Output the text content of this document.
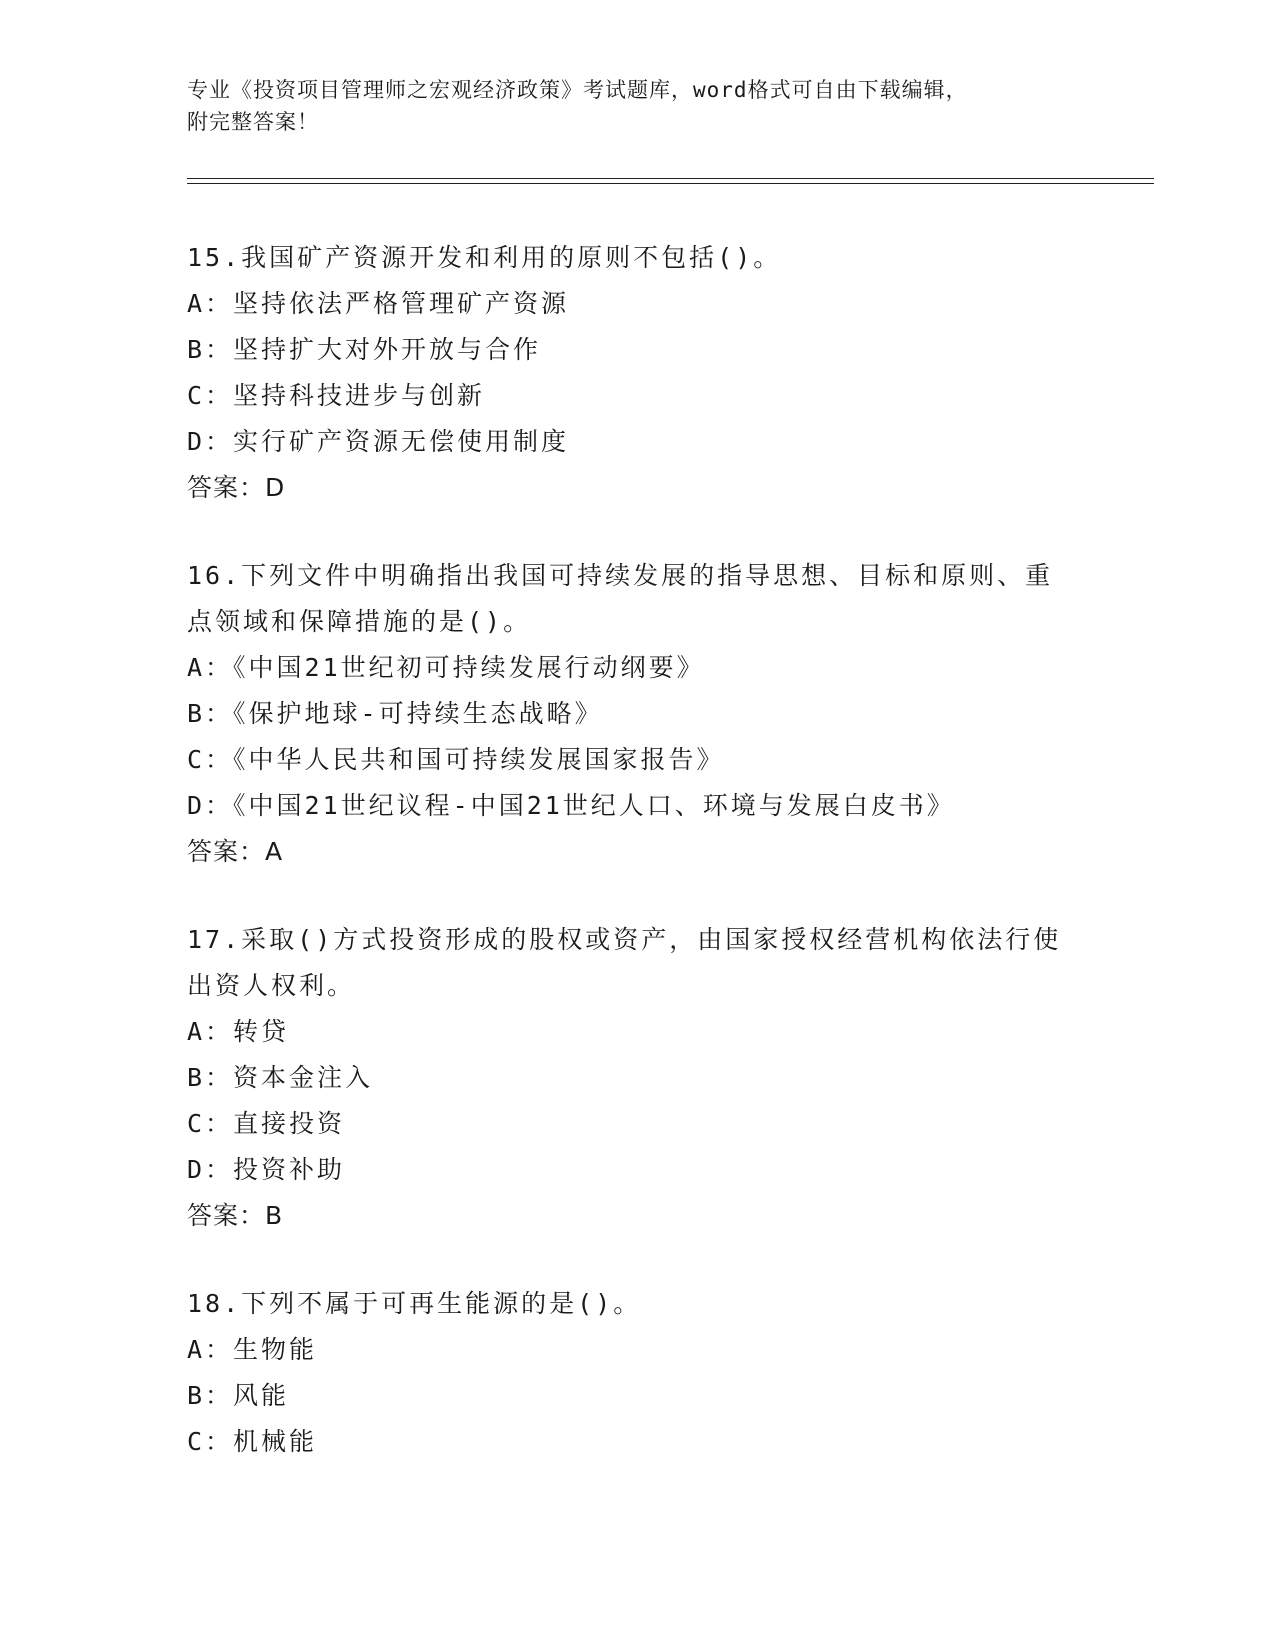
专业《投资项目管理师之宏观经济政策》考试题库，word格式可自由下载编辑，
附完整答案！
15.我国矿产资源开发和利用的原则不包括()。
A：坚持依法严格管理矿产资源
B：坚持扩大对外开放与合作
C：坚持科技进步与创新
D：实行矿产资源无偿使用制度
答案：D
16.下列文件中明确指出我国可持续发展的指导思想、目标和原则、重
点领域和保障措施的是()。
A：《中国21世纪初可持续发展行动纲要》
B：《保护地球-可持续生态战略》
C：《中华人民共和国可持续发展国家报告》
D：《中国21世纪议程-中国21世纪人口、环境与发展白皮书》
答案：A
17.采取()方式投资形成的股权或资产，由国家授权经营机构依法行使
出资人权利。
A：转贷
B：资本金注入
C：直接投资
D：投资补助
答案：B
18.下列不属于可再生能源的是()。
A：生物能
B：风能
C：机械能
